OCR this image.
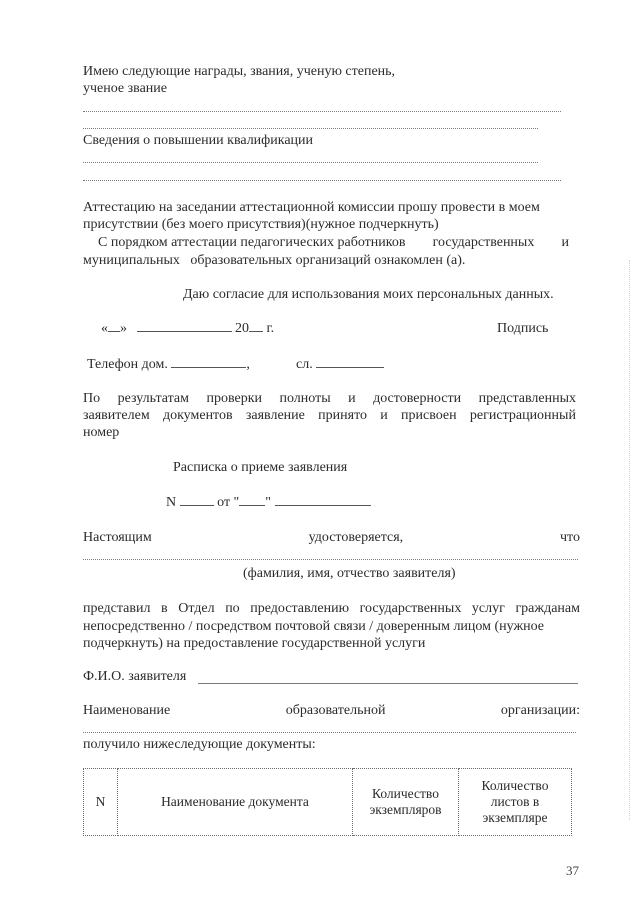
Имею следующие награды, звания, ученую степень,
ученое звание
Сведения о повышении квалификации
Аттестацию на заседании аттестационной комиссии прошу провести в моем
присутствии (без моего присутствия)(нужное подчеркнуть)
С порядком аттестации педагогических работников государственных и
муниципальных   образовательных организаций ознакомлен (а).
Даю согласие для использования моих персональных данных.
« »	20 г.	Подпись
Телефон дом.	,	сл.
По результатам проверки полноты и достоверности представленных
заявителем документов заявление принято и присвоен регистрационный
номер
Расписка о приеме заявления
N	от " "
Настоящим	удостоверяется,	что
(фамилия, имя, отчество заявителя)
представил в Отдел по предоставлению государственных услуг гражданам
непосредственно / посредством почтовой связи / доверенным лицом (нужное
подчеркнуть) на предоставление государственной услуги
Ф.И.О. заявителя
Наименование	образовательной	организации:
получило нижеследующие документы:
N	Наименование документа	Количество экземпляров	Количество листов в экземпляре
37
